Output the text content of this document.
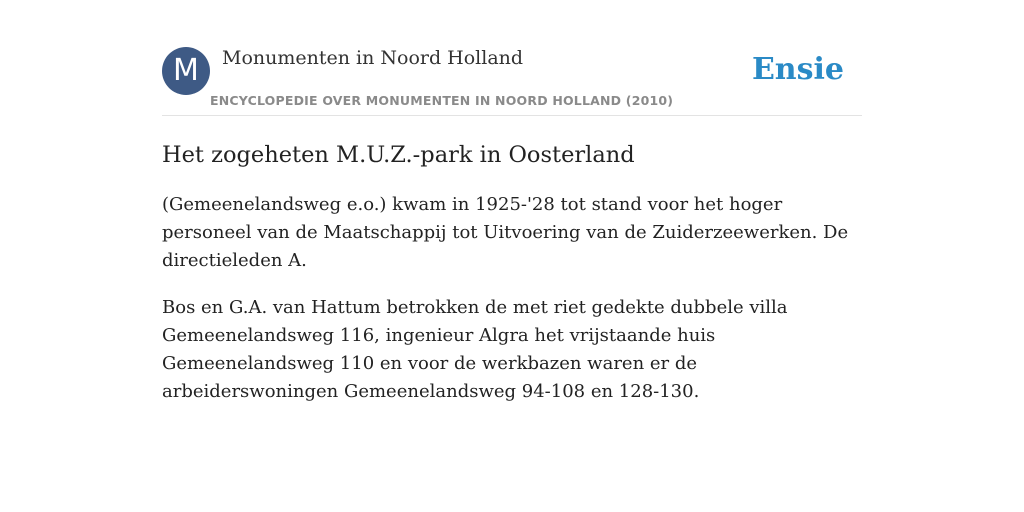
M	Monumenten in Noord Holland
ENCYCLOPEDIE OVER MONUMENTEN IN NOORD HOLLAND (2010)
Ensie
Het zogeheten M.U.Z.-park in Oosterland

(Gemeenelandsweg e.o.) kwam in 1925-'28 tot stand voor het hoger personeel van de Maatschappij tot Uitvoering van de Zuiderzeewerken. De directieleden A.

Bos en G.A. van Hattum betrokken de met riet gedekte dubbele villa Gemeenelandsweg 116, ingenieur Algra het vrijstaande huis Gemeenelandsweg 110 en voor de werkbazen waren er de arbeiderswoningen Gemeenelandsweg 94-108 en 128-130.
